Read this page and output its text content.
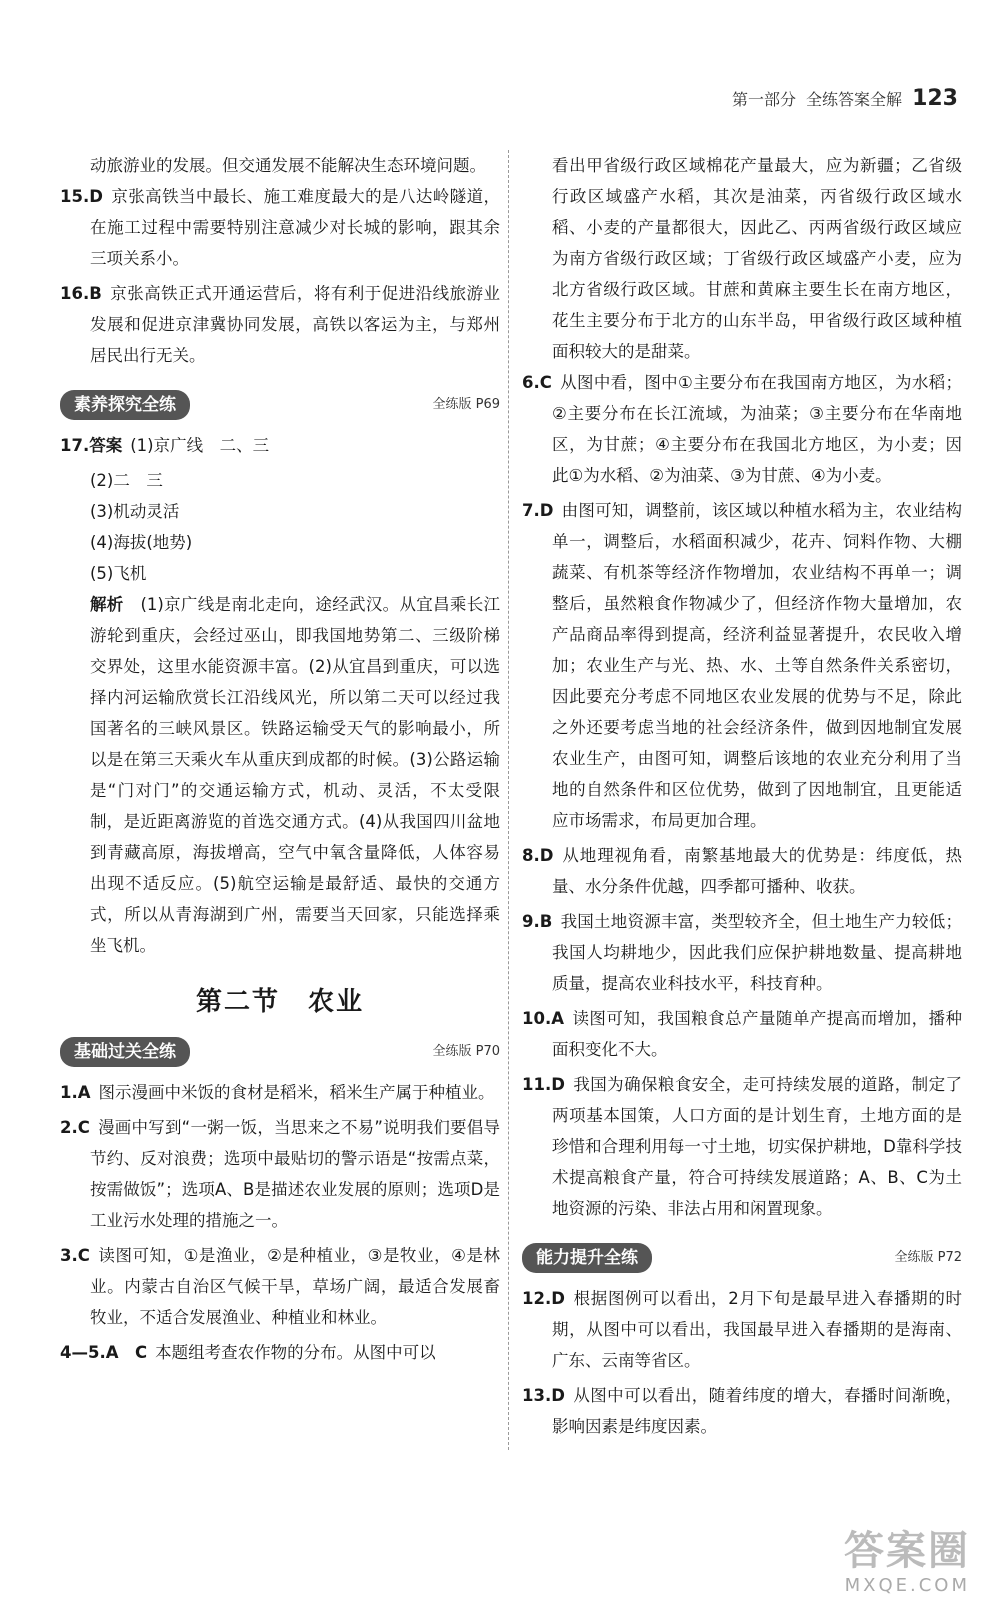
第一部分 全练答案全解 123

动旅游业的发展。但交通发展不能解决生态环境问题。

15.D 京张高铁当中最长、施工难度最大的是八达岭隧道，在施工过程中需要特别注意减少对长城的影响，跟其余三项关系小。

16.B 京张高铁正式开通运营后，将有利于促进沿线旅游业发展和促进京津冀协同发展，高铁以客运为主，与郑州居民出行无关。

素养探究全练	全练版 P69

17.答案 (1)京广线　二、三

(2)二　三

(3)机动灵活

(4)海拔(地势)

(5)飞机

解析　 (1)京广线是南北走向，途经武汉。从宜昌乘长江游轮到重庆，会经过巫山，即我国地势第二、三级阶梯交界处，这里水能资源丰富。(2)从宜昌到重庆，可以选择内河运输欣赏长江沿线风光，所以第二天可以经过我国著名的三峡风景区。铁路运输受天气的影响最小，所以是在第三天乘火车从重庆到成都的时候。(3)公路运输是“门对门”的交通运输方式，机动、灵活，不太受限制，是近距离游览的首选交通方式。(4)从我国四川盆地到青藏高原，海拔增高，空气中氧含量降低，人体容易出现不适反应。(5)航空运输是最舒适、最快的交通方式，所以从青海湖到广州，需要当天回家，只能选择乘坐飞机。

第二节　农业
基础过关全练	全练版 P70

1.A 图示漫画中米饭的食材是稻米，稻米生产属于种植业。

2.C 漫画中写到“一粥一饭，当思来之不易”说明我们要倡导节约、反对浪费；选项中最贴切的警示语是“按需点菜，按需做饭”；选项A、B是描述农业发展的原则；选项D是工业污水处理的措施之一。

3.C 读图可知，①是渔业，②是种植业，③是牧业，④是林业。内蒙古自治区气候干旱，草场广阔，最适合发展畜牧业，不适合发展渔业、种植业和林业。

4—5.A　C 本题组考查农作物的分布。从图中可以

看出甲省级行政区域棉花产量最大，应为新疆；乙省级行政区域盛产水稻，其次是油菜，丙省级行政区域水稻、小麦的产量都很大，因此乙、丙两省级行政区域应为南方省级行政区域；丁省级行政区域盛产小麦，应为北方省级行政区域。甘蔗和黄麻主要生长在南方地区，花生主要分布于北方的山东半岛，甲省级行政区域种植面积较大的是甜菜。

6.C 从图中看，图中①主要分布在我国南方地区，为水稻；②主要分布在长江流域，为油菜；③主要分布在华南地区，为甘蔗；④主要分布在我国北方地区，为小麦；因此①为水稻、②为油菜、③为甘蔗、④为小麦。

7.D 由图可知，调整前，该区域以种植水稻为主，农业结构单一，调整后，水稻面积减少，花卉、饲料作物、大棚蔬菜、有机茶等经济作物增加，农业结构不再单一；调整后，虽然粮食作物减少了，但经济作物大量增加，农产品商品率得到提高，经济利益显著提升，农民收入增加；农业生产与光、热、水、土等自然条件关系密切，因此要充分考虑不同地区农业发展的优势与不足，除此之外还要考虑当地的社会经济条件，做到因地制宜发展农业生产，由图可知，调整后该地的农业充分利用了当地的自然条件和区位优势，做到了因地制宜，且更能适应市场需求，布局更加合理。

8.D 从地理视角看，南繁基地最大的优势是：纬度低，热量、水分条件优越，四季都可播种、收获。

9.B 我国土地资源丰富，类型较齐全，但土地生产力较低；我国人均耕地少，因此我们应保护耕地数量、提高耕地质量，提高农业科技水平，科技育种。

10.A 读图可知，我国粮食总产量随单产提高而增加，播种面积变化不大。

11.D 我国为确保粮食安全，走可持续发展的道路，制定了两项基本国策，人口方面的是计划生育，土地方面的是珍惜和合理利用每一寸土地，切实保护耕地，D靠科学技术提高粮食产量，符合可持续发展道路；A、B、C为土地资源的污染、非法占用和闲置现象。

能力提升全练	全练版 P72

12.D 根据图例可以看出，2月下旬是最早进入春播期的时期，从图中可以看出，我国最早进入春播期的是海南、广东、云南等省区。

13.D 从图中可以看出，随着纬度的增大，春播时间渐晚，影响因素是纬度因素。

答案圈
MXQE.COM
